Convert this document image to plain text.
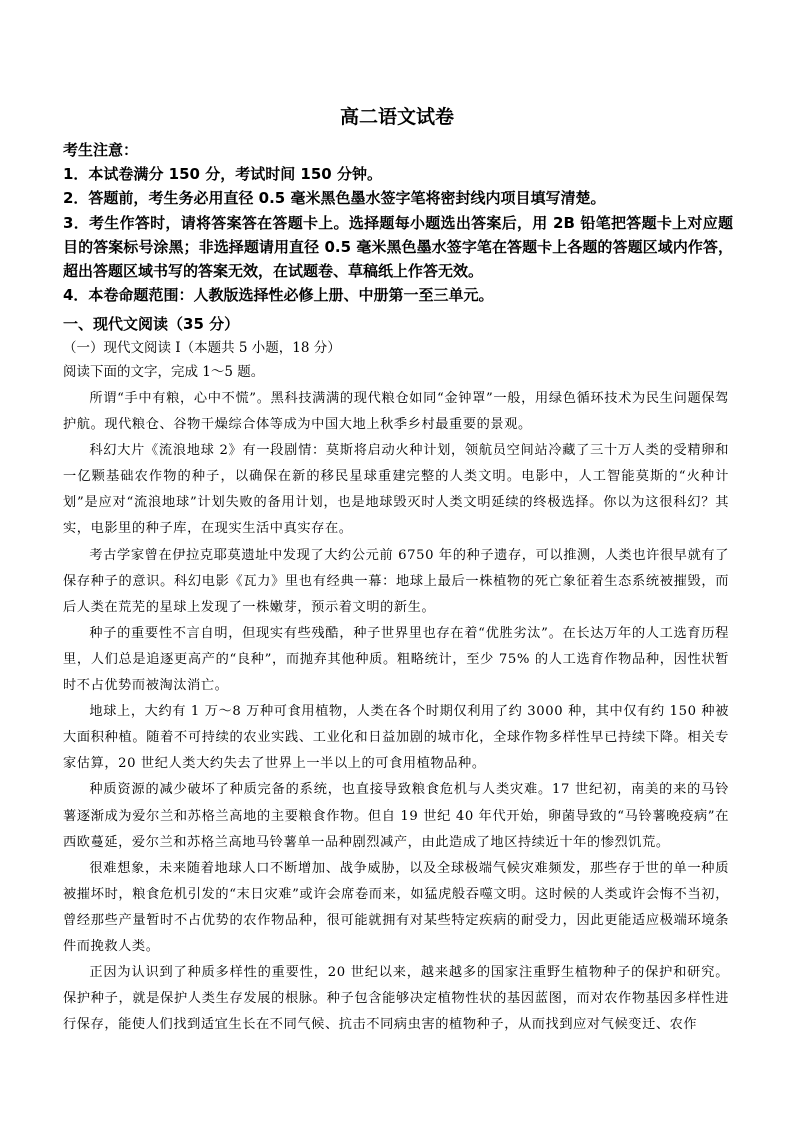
高二语文试卷

考生注意：

1．本试卷满分 150 分，考试时间 150 分钟。

2．答题前，考生务必用直径 0.5 毫米黑色墨水签字笔将密封线内项目填写清楚。

3．考生作答时，请将答案答在答题卡上。选择题每小题选出答案后，用 2B 铅笔把答题卡上对应题目的答案标号涂黑；非选择题请用直径 0.5 毫米黑色墨水签字笔在答题卡上各题的答题区域内作答，超出答题区域书写的答案无效，在试题卷、草稿纸上作答无效。

4．本卷命题范围：人教版选择性必修上册、中册第一至三单元。

一、现代文阅读（35 分）
（一）现代文阅读 I（本题共 5 小题，18 分）
阅读下面的文字，完成 1～5 题。

所谓“手中有粮，心中不慌”。黑科技满满的现代粮仓如同“金钟罩”一般，用绿色循环技术为民生问题保驾护航。现代粮仓、谷物干燥综合体等成为中国大地上秋季乡村最重要的景观。

科幻大片《流浪地球 2》有一段剧情：莫斯将启动火种计划，领航员空间站冷藏了三十万人类的受精卵和一亿颗基础农作物的种子，以确保在新的移民星球重建完整的人类文明。电影中，人工智能莫斯的“火种计划”是应对“流浪地球”计划失败的备用计划，也是地球毁灭时人类文明延续的终极选择。你以为这很科幻？其实，电影里的种子库，在现实生活中真实存在。

考古学家曾在伊拉克耶莫遗址中发现了大约公元前 6750 年的种子遗存，可以推测，人类也许很早就有了保存种子的意识。科幻电影《瓦力》里也有经典一幕：地球上最后一株植物的死亡象征着生态系统被摧毁，而后人类在荒芜的星球上发现了一株嫩芽，预示着文明的新生。

种子的重要性不言自明，但现实有些残酷，种子世界里也存在着“优胜劣汰”。在长达万年的人工选育历程里，人们总是追逐更高产的“良种”，而抛弃其他种质。粗略统计，至少 75% 的人工选育作物品种，因性状暂时不占优势而被淘汰消亡。

地球上，大约有 1 万～8 万种可食用植物，人类在各个时期仅利用了约 3000 种，其中仅有约 150 种被大面积种植。随着不可持续的农业实践、工业化和日益加剧的城市化，全球作物多样性早已持续下降。相关专家估算，20 世纪人类大约失去了世界上一半以上的可食用植物品种。

种质资源的减少破坏了种质完备的系统，也直接导致粮食危机与人类灾难。17 世纪初，南美的来的马铃薯逐渐成为爱尔兰和苏格兰高地的主要粮食作物。但自 19 世纪 40 年代开始，卵菌导致的“马铃薯晚疫病”在西欧蔓延，爱尔兰和苏格兰高地马铃薯单一品种剧烈减产，由此造成了地区持续近十年的惨烈饥荒。

很难想象，未来随着地球人口不断增加、战争威胁，以及全球极端气候灾难频发，那些存于世的单一种质被摧坏时，粮食危机引发的“末日灾难”或许会席卷而来，如猛虎般吞噬文明。这时候的人类或许会悔不当初，曾经那些产量暂时不占优势的农作物品种，很可能就拥有对某些特定疾病的耐受力，因此更能适应极端环境条件而挽救人类。

正因为认识到了种质多样性的重要性，20 世纪以来，越来越多的国家注重野生植物种子的保护和研究。保护种子，就是保护人类生存发展的根脉。种子包含能够决定植物性状的基因蓝图，而对农作物基因多样性进行保存，能使人们找到适宜生长在不同气候、抗击不同病虫害的植物种子，从而找到应对气候变迁、农作
